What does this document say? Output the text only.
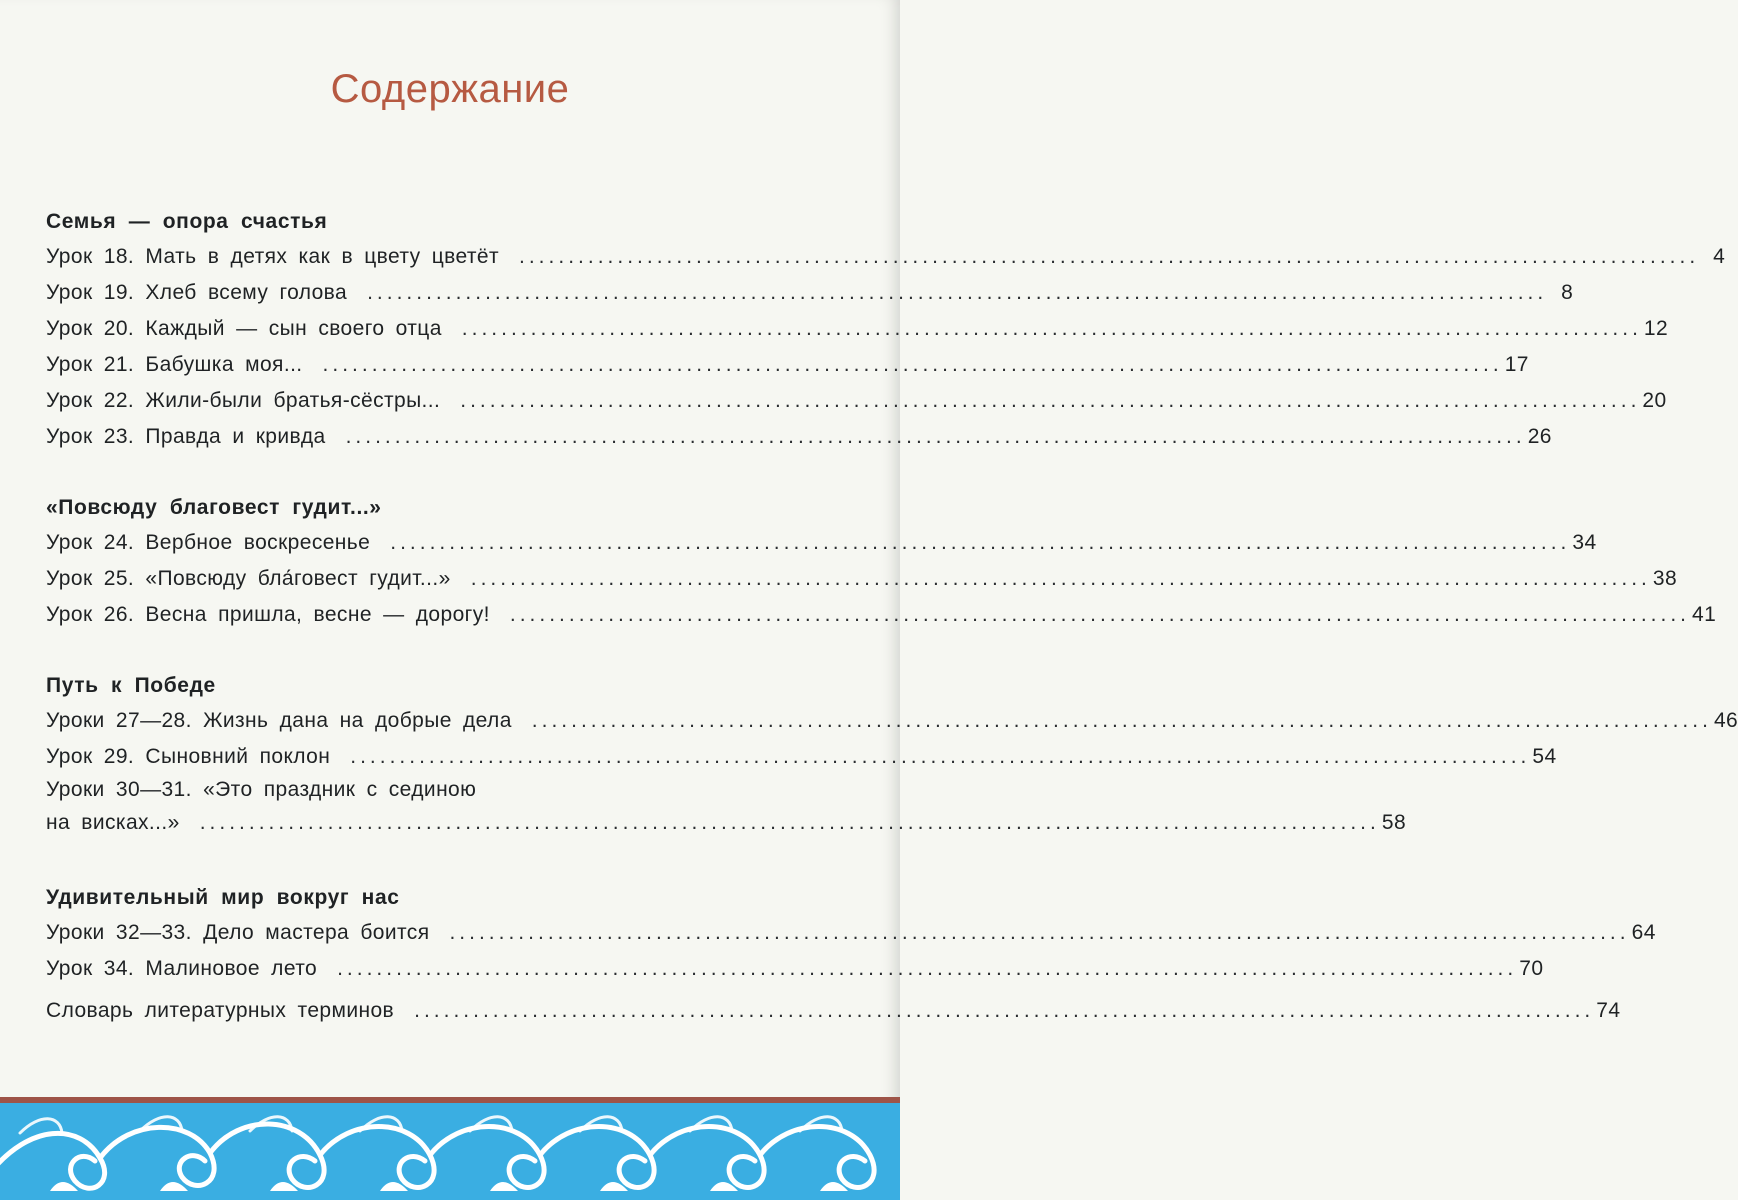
Содержание
Семья — опора счастья
Урок 18. Мать в детях как в цвету цветёт ........................................................................................................................ 4
Урок 19. Хлеб всему голова ........................................................................................................................ 8
Урок 20. Каждый — сын своего отца ........................................................................................................................ 12
Урок 21. Бабушка моя... ........................................................................................................................ 17
Урок 22. Жили-были братья-сёстры... ........................................................................................................................ 20
Урок 23. Правда и кривда ........................................................................................................................ 26
«Повсюду благовест гудит...»
Урок 24. Вербное воскресенье ........................................................................................................................ 34
Урок 25. «Повсюду бла́говест гудит...» ........................................................................................................................ 38
Урок 26. Весна пришла, весне — дорогу! ........................................................................................................................ 41
Путь к Победе
Уроки 27—28. Жизнь дана на добрые дела ........................................................................................................................ 46
Урок 29. Сыновний поклон ........................................................................................................................ 54
Уроки 30—31. «Это праздник с сединою
на висках...» ........................................................................................................................ 58
Удивительный мир вокруг нас
Уроки 32—33. Дело мастера боится ........................................................................................................................ 64
Урок 34. Малиновое лето ........................................................................................................................ 70
Словарь литературных терминов ........................................................................................................................ 74
